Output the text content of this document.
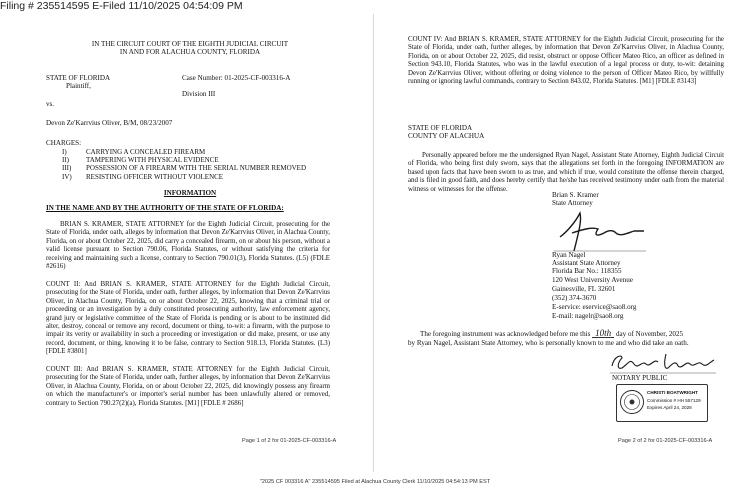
Filing # 235514595 E-Filed 11/10/2025 04:54:09 PM
IN THE CIRCUIT COURT OF THE EIGHTH JUDICIAL CIRCUIT
IN AND FOR ALACHUA COUNTY, FLORIDA
STATE OF FLORIDA
Plaintiff,
Case Number: 01-2025-CF-003316-A
Division III
vs.
Devon Ze'Karrvius Oliver, B/M, 08/23/2007
CHARGES:
I)	CARRYING A CONCEALED FIREARM
II) TAMPERING WITH PHYSICAL EVIDENCE
III) POSSESSION OF A FIREARM WITH THE SERIAL NUMBER REMOVED
IV) RESISTING OFFICER WITHOUT VIOLENCE
INFORMATION
IN THE NAME AND BY THE AUTHORITY OF THE STATE OF FLORIDA:
BRIAN S. KRAMER, STATE ATTORNEY for the Eighth Judicial Circuit, prosecuting for the State of Florida, under oath, alleges by information that Devon Ze'Karrvius Oliver, in Alachua County, Florida, on or about October 22, 2025, did carry a concealed firearm, on or about his person, without a valid license pursuant to Section 790.06, Florida Statutes, or without satisfying the criteria for receiving and maintaining such a license, contrary to Section 790.01(3), Florida Statutes. (L5) (FDLE #2616)
COUNT II: And BRIAN S. KRAMER, STATE ATTORNEY for the Eighth Judicial Circuit, prosecuting for the State of Florida, under oath, further alleges, by information that Devon Ze'Karrvius Oliver, in Alachua County, Florida, on or about October 22, 2025, knowing that a criminal trial or proceeding or an investigation by a duly constituted prosecuting authority, law enforcement agency, grand jury or legislative committee of the State of Florida is pending or is about to be instituted did alter, destroy, conceal or remove any record, document or thing, to-wit: a firearm, with the purpose to impair its verity or availability in such a proceeding or investigation or did make, present, or use any record, document, or thing, knowing it to be false, contrary to Section 918.13, Florida Statutes. (L3) [FDLE #3801]
COUNT III: And BRIAN S. KRAMER, STATE ATTORNEY for the Eighth Judicial Circuit, prosecuting for the State of Florida, under oath, further alleges, by information that Devon Ze'Karrvius Oliver, in Alachua County, Florida, on or about October 22, 2025, did knowingly possess any firearm on which the manufacturer's or importer's serial number has been unlawfully altered or removed, contrary to Section 790.27(2)(a), Florida Statutes. [M1] [FDLE # 2686]
Page 1 of 2 for 01-2025-CF-003316-A
COUNT IV: And BRIAN S. KRAMER, STATE ATTORNEY for the Eighth Judicial Circuit, prosecuting for the State of Florida, under oath, further alleges, by information that Devon Ze'Karrvius Oliver, in Alachua County, Florida, on or about October 22, 2025, did resist, obstruct or oppose Officer Mateo Rico, an officer as defined in Section 943.10, Florida Statutes, who was in the lawful execution of a legal process or duty, to-wit: detaining Devon Ze'Karrvius Oliver, without offering or doing violence to the person of Officer Mateo Rico, by willfully running or ignoring lawful commands, contrary to Section 843.02, Florida Statutes. [M1] [FDLE #3143]
STATE OF FLORIDA
COUNTY OF ALACHUA
Personally appeared before me the undersigned Ryan Nagel, Assistant State Attorney, Eighth Judicial Circuit of Florida, who being first duly sworn, says that the allegations set forth in the foregoing INFORMATION are based upon facts that have been sworn to as true, and which if true, would constitute the offense therein charged, and is filed in good faith, and does hereby certify that he/she has received testimony under oath from the material witness or witnesses for the offense.
Brian S. Kramer
State Attorney
Ryan Nagel
Assistant State Attorney
Florida Bar No.: 118355
120 West University Avenue
Gainesville, FL 32601
(352) 374-3670
E-service: eservice@sao8.org
E-mail: nagelr@sao8.org
The foregoing instrument was acknowledged before me this 10th day of November, 2025
by Ryan Nagel, Assistant State Attorney, who is personally known to me and who did take an oath.
NOTARY PUBLIC
CHRISTI BOATWRIGHT
Commission # HH 557129
Expires April 24, 2028
Page 2 of 2 for 01-2025-CF-003316-A
"2025 CF 003316 A" 235514595 Filed at Alachua County Clerk 11/10/2025 04:54:13 PM EST
